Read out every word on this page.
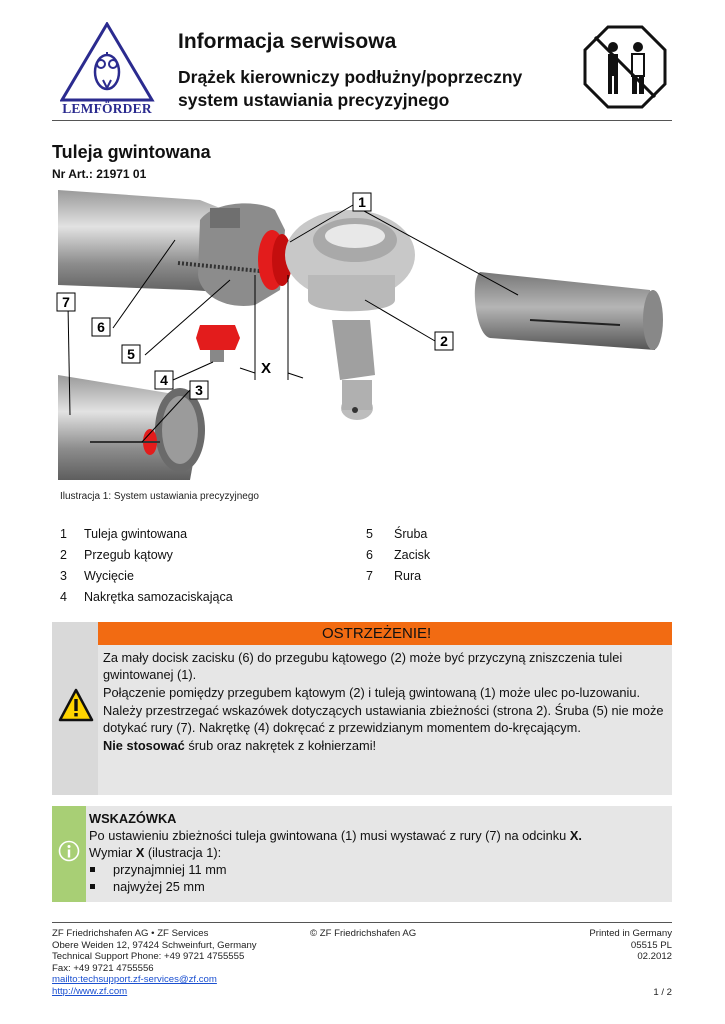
LEMFÖRDER
Informacja serwisowa
Drążek kierowniczy podłużny/poprzeczny
system ustawiania precyzyjnego
Tuleja gwintowana
Nr Art.: 21971 01
1
2
3
4
5
6
7
X
Ilustracja 1: System ustawiania precyzyjnego
1 Tuleja gwintowana
2 Przegub kątowy
3 Wycięcie
4 Nakrętka samozaciskająca
5 Śruba
6 Zacisk
7 Rura
OSTRZEŻENIE!

Za mały docisk zacisku (6) do przegubu kątowego (2) może być przyczyną zniszczenia tulei gwintowanej (1).

Połączenie pomiędzy przegubem kątowym (2) i tuleją gwintowaną (1) może ulec po-luzowaniu.

Należy przestrzegać wskazówek dotyczących ustawiania zbieżności (strona 2). Śruba (5) nie może dotykać rury (7). Nakrętkę (4) dokręcać z przewidzianym momentem do-kręcającym.

Nie stosować śrub oraz nakrętek z kołnierzami!

WSKAZÓWKA
Po ustawieniu zbieżności tuleja gwintowana (1) musi wystawać z rury (7) na odcinku X.
Wymiar X (ilustracja 1):
przynajmniej 11 mm
najwyżej 25 mm
ZF Friedrichshafen AG • ZF Services
Obere Weiden 12, 97424 Schweinfurt, Germany
Technical Support Phone: +49 9721 4755555
Fax: +49 9721 4755556
mailto:techsupport.zf-services@zf.com
http://www.zf.com
© ZF Friedrichshafen AG	Printed in Germany
05515 PL
02.2012
1 / 2
